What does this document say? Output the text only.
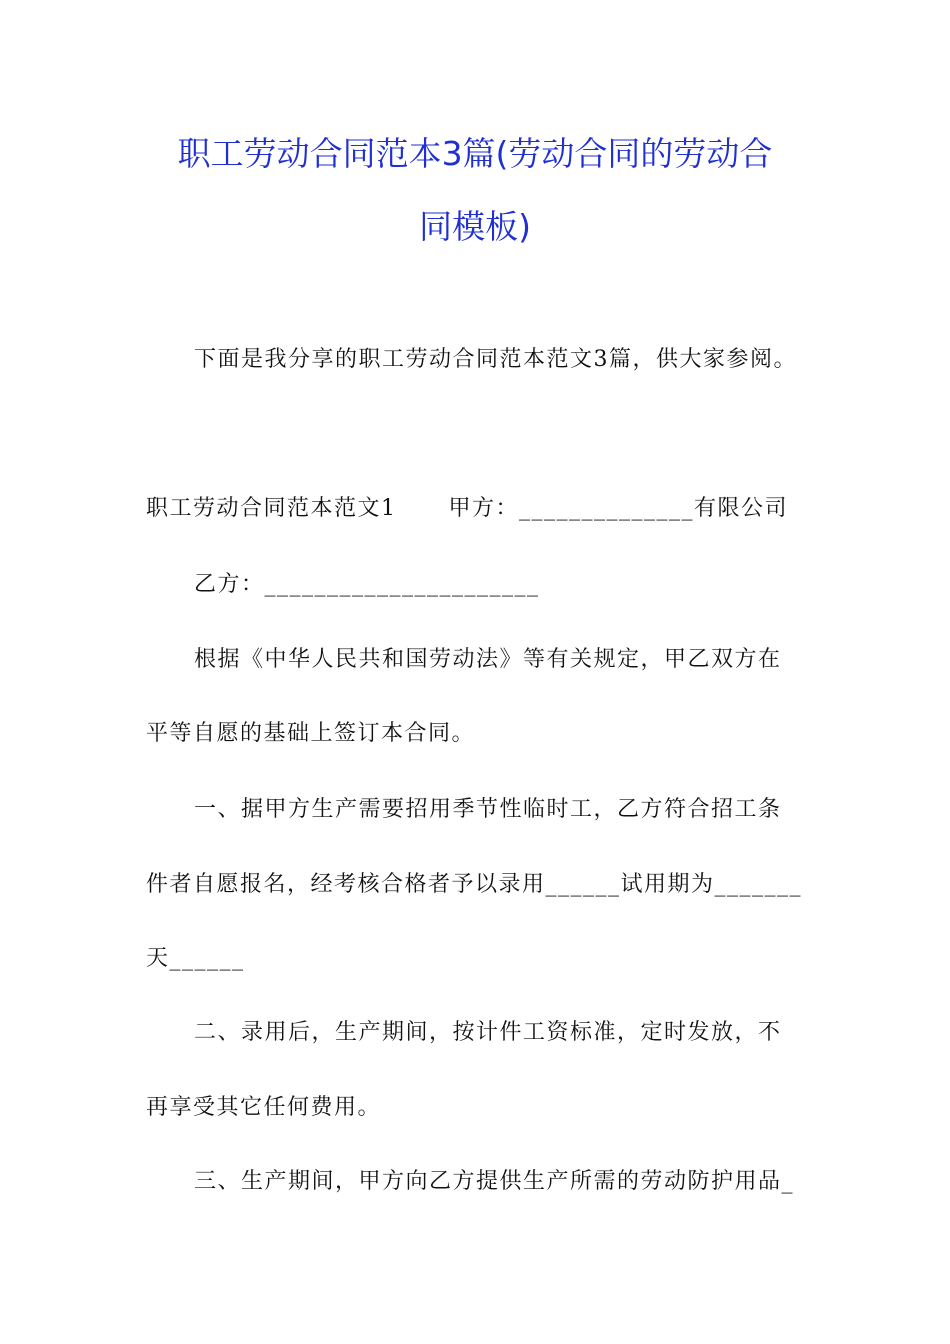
职工劳动合同范本3篇(劳动合同的劳动合
同模板)
下面是我分享的职工劳动合同范本范文3篇，供大家参阅。
职工劳动合同范本范文1 甲方：______________有限公司
乙方：______________________
根据《中华人民共和国劳动法》等有关规定，甲乙双方在
平等自愿的基础上签订本合同。
一、据甲方生产需要招用季节性临时工，乙方符合招工条
件者自愿报名，经考核合格者予以录用______试用期为_______
天______
二、录用后，生产期间，按计件工资标准，定时发放，不
再享受其它任何费用。
三、生产期间，甲方向乙方提供生产所需的劳动防护用品_
